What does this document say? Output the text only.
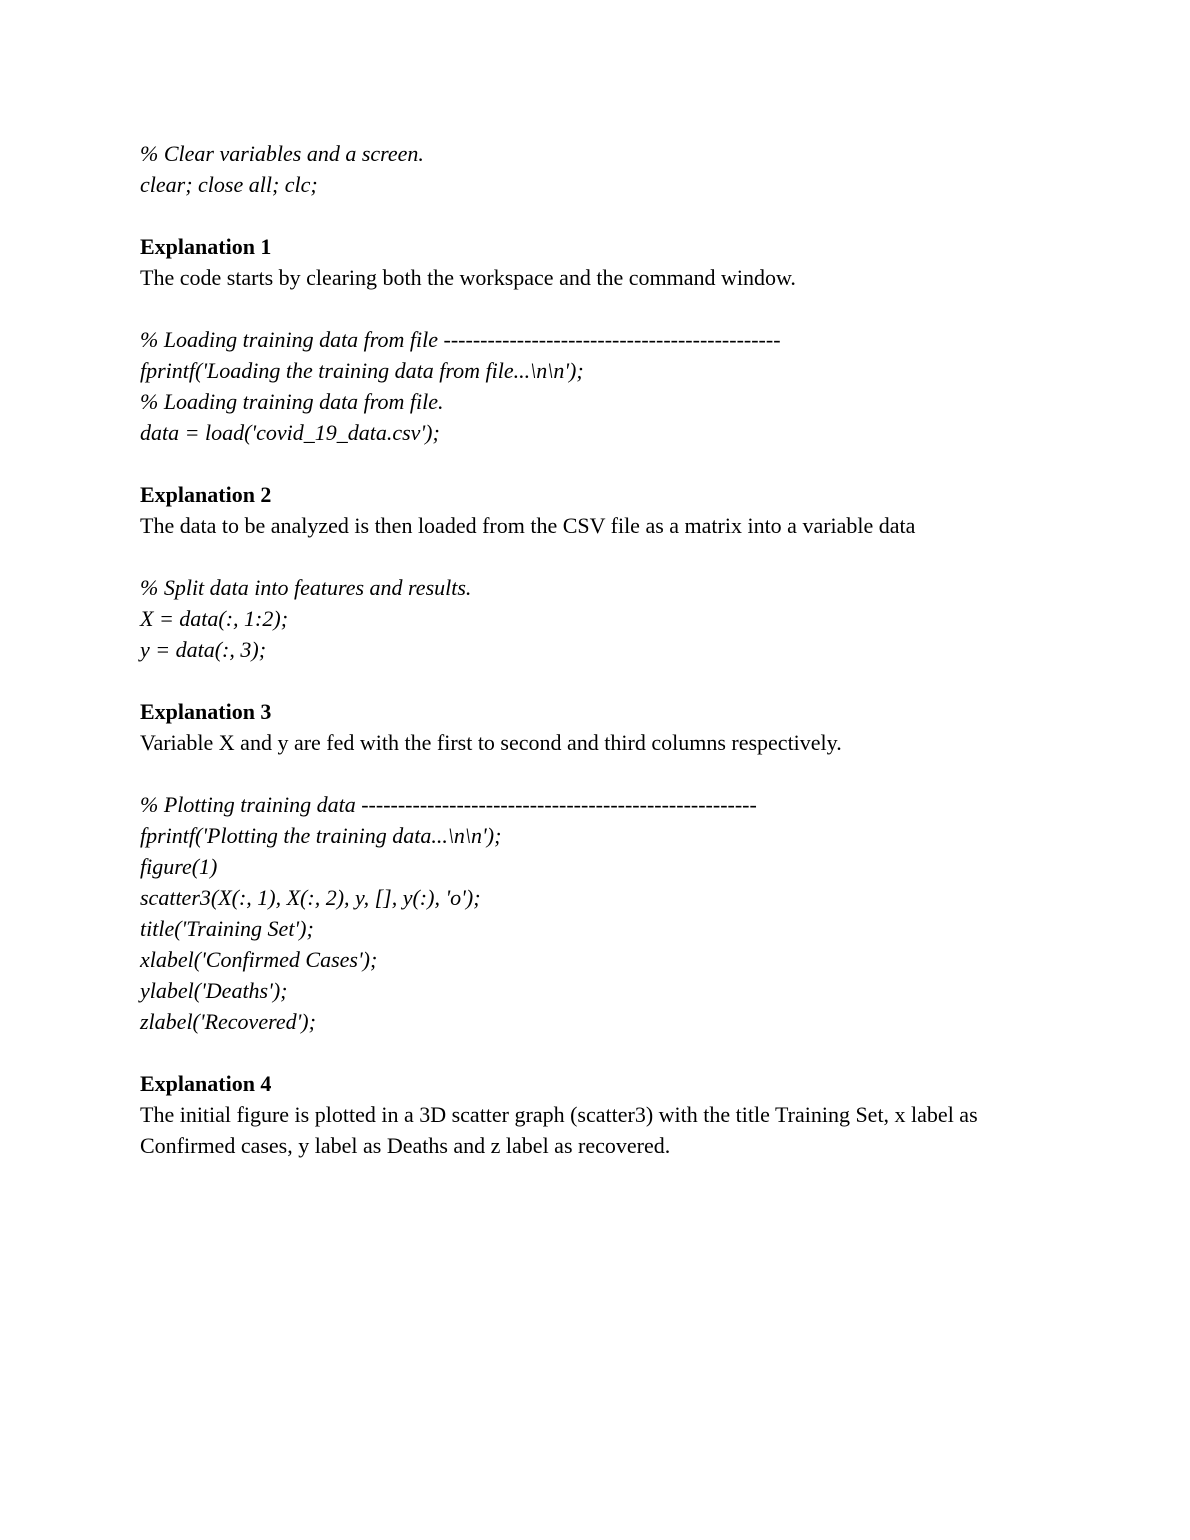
% Clear variables and a screen.
clear; close all; clc;
Explanation 1
The code starts by clearing both the workspace and the command window.
% Loading training data from file ----------------------------------------------
fprintf('Loading the training data from file...\n\n');
% Loading training data from file.
data = load('covid_19_data.csv');
Explanation 2
The data to be analyzed is then loaded from the CSV file as a matrix into a variable data
% Split data into features and results.
X = data(:, 1:2);
y = data(:, 3);
Explanation 3
Variable X and y are fed with the first to second and third columns respectively.
% Plotting training data ------------------------------------------------------
fprintf('Plotting the training data...\n\n');
figure(1)
scatter3(X(:, 1), X(:, 2), y, [], y(:), 'o');
title('Training Set');
xlabel('Confirmed Cases');
ylabel('Deaths');
zlabel('Recovered');
Explanation 4
The initial figure is plotted in a 3D scatter graph (scatter3) with the title Training Set, x label as Confirmed cases, y label as Deaths and z label as recovered.
